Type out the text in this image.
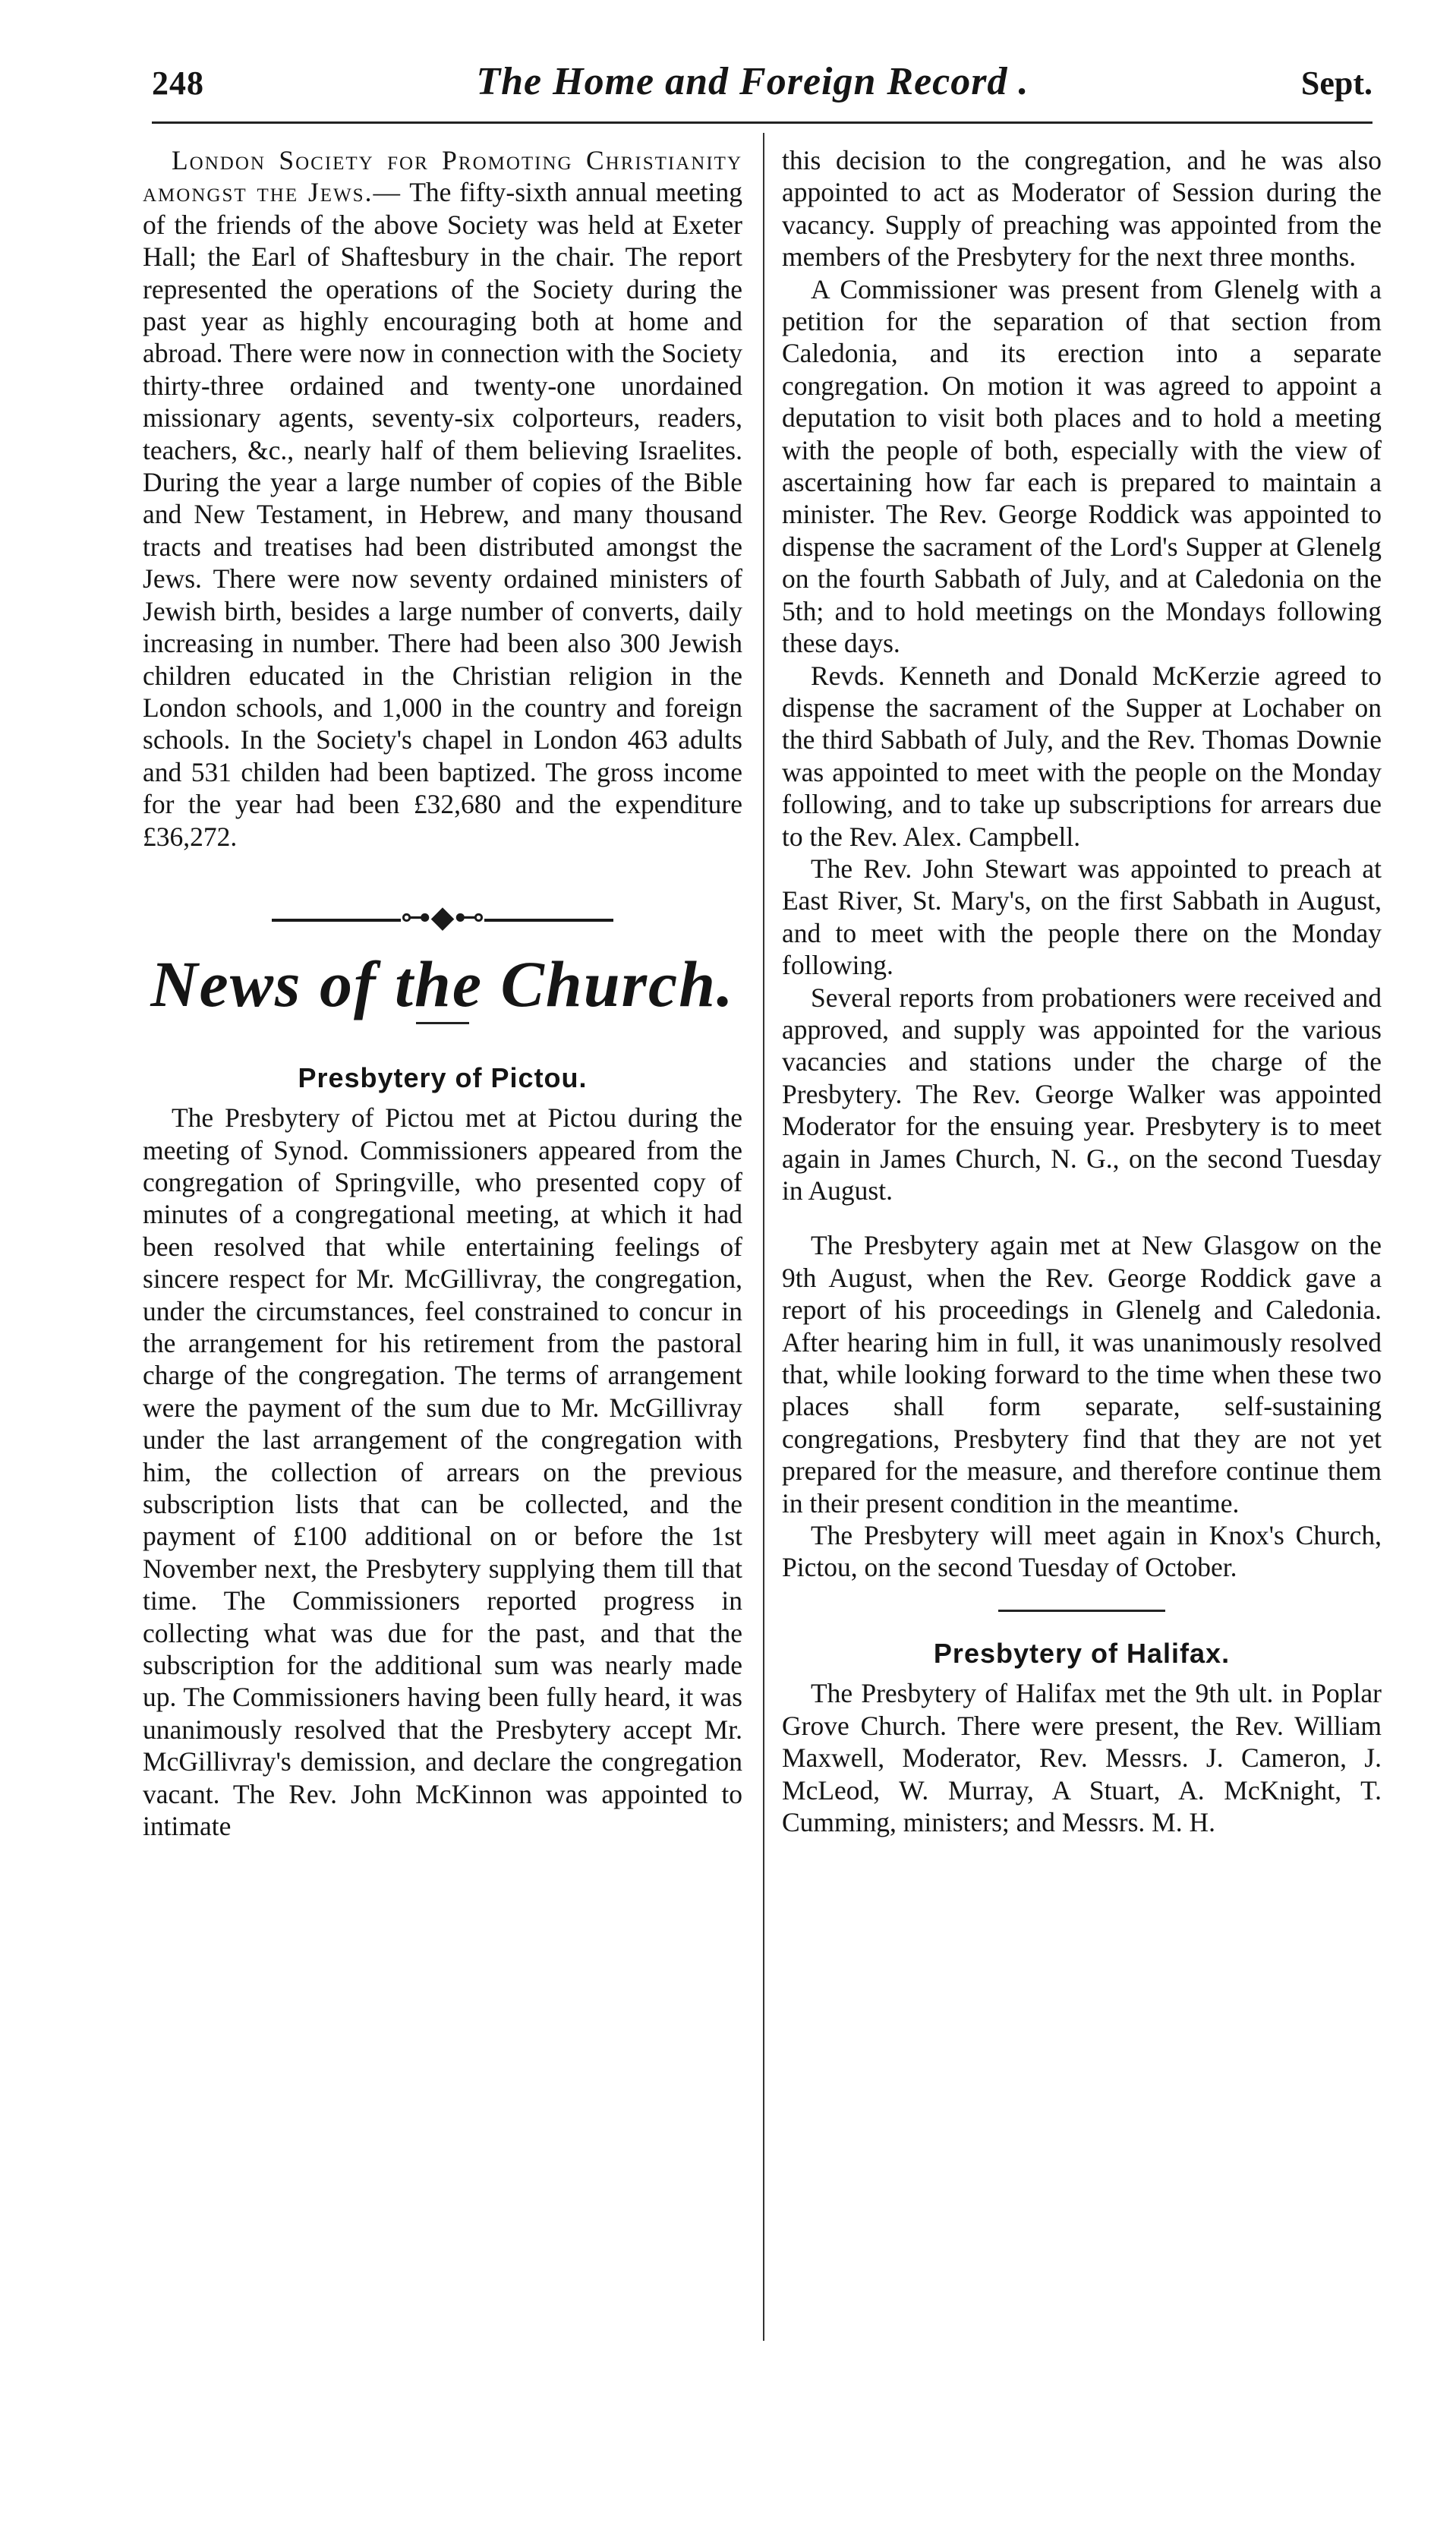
248	The Home and Foreign Record .	Sept.

London Society for Promoting Christianity amongst the Jews.— The fifty-sixth annual meeting of the friends of the above Society was held at Exeter Hall; the Earl of Shaftesbury in the chair. The report represented the operations of the Society during the past year as highly encouraging both at home and abroad. There were now in connection with the Society thirty-three ordained and twenty-one unordained missionary agents, seventy-six colporteurs, readers, teachers, &c., nearly half of them believing Israelites. During the year a large number of copies of the Bible and New Testament, in Hebrew, and many thousand tracts and treatises had been distributed amongst the Jews. There were now seventy ordained ministers of Jewish birth, besides a large number of converts, daily increasing in number. There had been also 300 Jewish children educated in the Christian religion in the London schools, and 1,000 in the country and foreign schools. In the Society's chapel in London 463 adults and 531 childen had been baptized. The gross income for the year had been £32,680 and the expenditure £36,272.

⊶◆⊷
News of the Church.
Presbytery of Pictou.

The Presbytery of Pictou met at Pictou during the meeting of Synod. Commissioners appeared from the congregation of Springville, who presented copy of minutes of a congregational meeting, at which it had been resolved that while entertaining feelings of sincere respect for Mr. McGillivray, the congregation, under the circumstances, feel constrained to concur in the arrangement for his retirement from the pastoral charge of the congregation. The terms of arrangement were the payment of the sum due to Mr. McGillivray under the last arrangement of the congregation with him, the collection of arrears on the previous subscription lists that can be collected, and the payment of £100 additional on or before the 1st November next, the Presbytery supplying them till that time. The Commissioners reported progress in collecting what was due for the past, and that the subscription for the additional sum was nearly made up. The Commissioners having been fully heard, it was unanimously resolved that the Presbytery accept Mr. McGillivray's demission, and declare the congregation vacant. The Rev. John McKinnon was appointed to intimate

this decision to the congregation, and he was also appointed to act as Moderator of Session during the vacancy. Supply of preaching was appointed from the members of the Presbytery for the next three months.

A Commissioner was present from Glenelg with a petition for the separation of that section from Caledonia, and its erection into a separate congregation. On motion it was agreed to appoint a deputation to visit both places and to hold a meeting with the people of both, especially with the view of ascertaining how far each is prepared to maintain a minister. The Rev. George Roddick was appointed to dispense the sacrament of the Lord's Supper at Glenelg on the fourth Sabbath of July, and at Caledonia on the 5th; and to hold meetings on the Mondays following these days.

Revds. Kenneth and Donald McKerzie agreed to dispense the sacrament of the Supper at Lochaber on the third Sabbath of July, and the Rev. Thomas Downie was appointed to meet with the people on the Monday following, and to take up subscriptions for arrears due to the Rev. Alex. Campbell.

The Rev. John Stewart was appointed to preach at East River, St. Mary's, on the first Sabbath in August, and to meet with the people there on the Monday following.

Several reports from probationers were received and approved, and supply was appointed for the various vacancies and stations under the charge of the Presbytery. The Rev. George Walker was appointed Moderator for the ensuing year. Presbytery is to meet again in James Church, N. G., on the second Tuesday in August.

The Presbytery again met at New Glasgow on the 9th August, when the Rev. George Roddick gave a report of his proceedings in Glenelg and Caledonia. After hearing him in full, it was unanimously resolved that, while looking forward to the time when these two places shall form separate, self-sustaining congregations, Presbytery find that they are not yet prepared for the measure, and therefore continue them in their present condition in the meantime.

The Presbytery will meet again in Knox's Church, Pictou, on the second Tuesday of October.

Presbytery of Halifax.

The Presbytery of Halifax met the 9th ult. in Poplar Grove Church. There were present, the Rev. William Maxwell, Moderator, Rev. Messrs. J. Cameron, J. McLeod, W. Murray, A Stuart, A. McKnight, T. Cumming, ministers; and Messrs. M. H.
